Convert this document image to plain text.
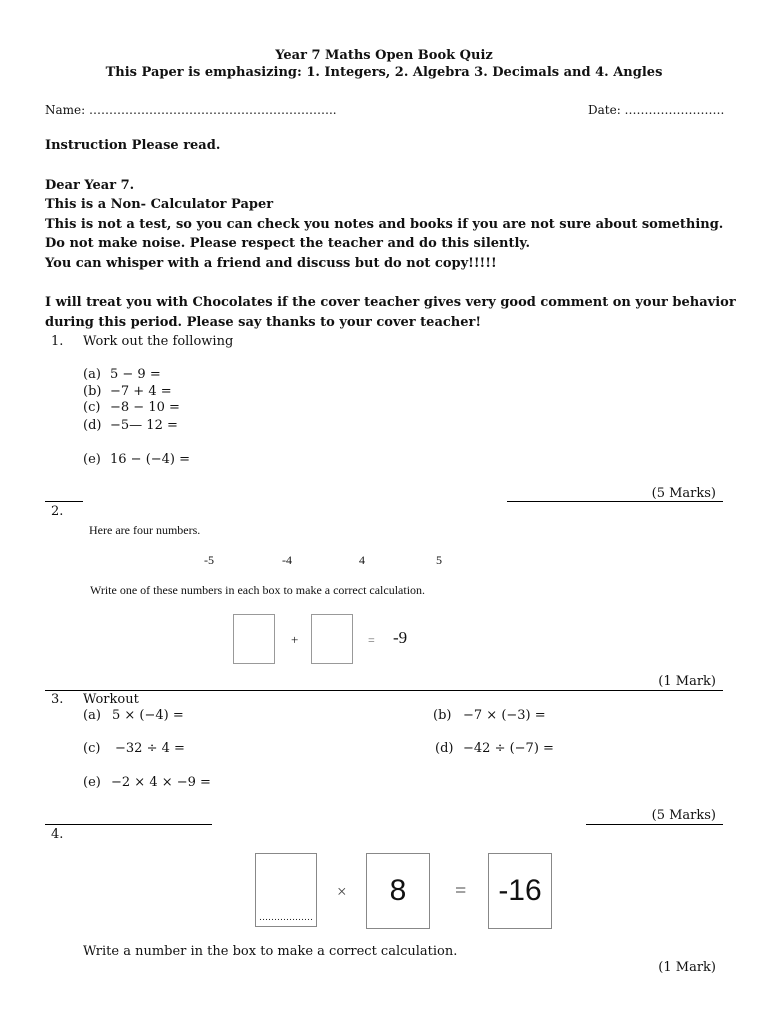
Year 7 Maths Open Book Quiz
This Paper is emphasizing: 1. Integers, 2. Algebra 3. Decimals and 4. Angles
Name: ……………………………………………………..	Date: …………………….
Instruction Please read.
Dear Year 7.
This is a Non- Calculator Paper
This is not a test, so you can check you notes and books if you are not sure about something.
Do not make noise. Please respect the teacher and do this silently.
You can whisper with a friend and discuss but do not copy!!!!!
I will treat you with Chocolates if the cover teacher gives very good comment on your behavior
during this period. Please say thanks to your cover teacher!
1. Work out the following
(a) 5 − 9 =
(b) −7 + 4 =
(c) −8 − 10 =
(d) −5— 12 =
(e) 16 − (−4) =
(5 Marks)
2.
Here are four numbers.
-5	-4	4	5
Write one of these numbers in each box to make a correct calculation.
+	= -9
(1 Mark)
3. Workout
(a) 5 × (−4) =	(b) −7 × (−3) =
(c) −32 ÷ 4 =	(d) −42 ÷ (−7) =
(e) −2 × 4 × −9 =
(5 Marks)
4.
………………
× 8 = -16
Write a number in the box to make a correct calculation.
(1 Mark)
